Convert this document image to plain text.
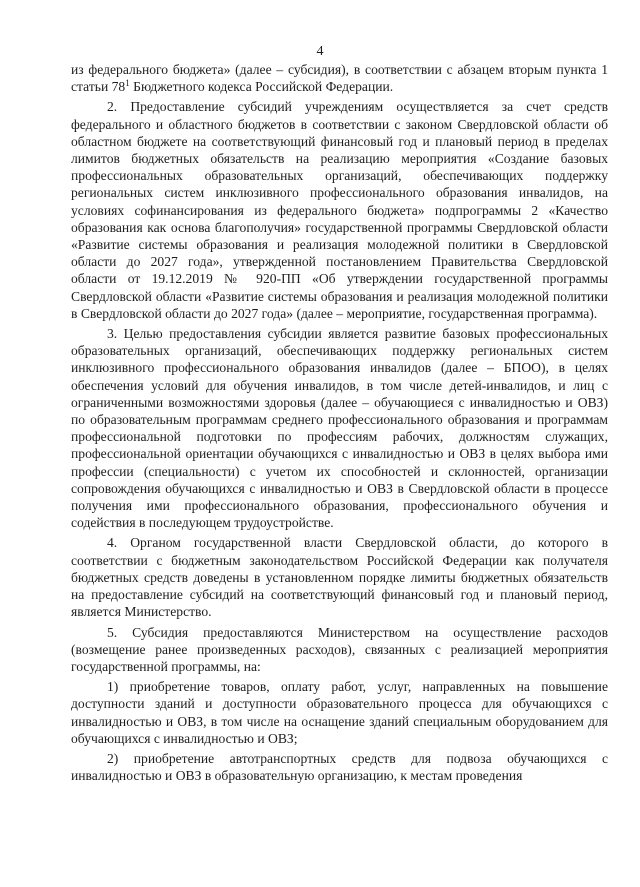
4

из федерального бюджета» (далее – субсидия), в соответствии с абзацем вторым пункта 1 статьи $78^1$ Бюджетного кодекса Российской Федерации.

2. Предоставление субсидий учреждениям осуществляется за счет средств федерального и областного бюджетов в соответствии с законом Свердловской области об областном бюджете на соответствующий финансовый год и плановый период в пределах лимитов бюджетных обязательств на реализацию мероприятия «Создание базовых профессиональных образовательных организаций, обеспечивающих поддержку региональных систем инклюзивного профессионального образования инвалидов, на условиях софинансирования из федерального бюджета» подпрограммы 2 «Качество образования как основа благополучия» государственной программы Свердловской области «Развитие системы образования и реализация молодежной политики в Свердловской области до 2027 года», утвержденной постановлением Правительства Свердловской области от 19.12.2019 № 920-ПП «Об утверждении государственной программы Свердловской области «Развитие системы образования и реализация молодежной политики в Свердловской области до 2027 года» (далее – мероприятие, государственная программа).

3. Целью предоставления субсидии является развитие базовых профессиональных образовательных организаций, обеспечивающих поддержку региональных систем инклюзивного профессионального образования инвалидов (далее – БПОО), в целях обеспечения условий для обучения инвалидов, в том числе детей-инвалидов, и лиц с ограниченными возможностями здоровья (далее – обучающиеся с инвалидностью и ОВЗ) по образовательным программам среднего профессионального образования и программам профессиональной подготовки по профессиям рабочих, должностям служащих, профессиональной ориентации обучающихся с инвалидностью и ОВЗ в целях выбора ими профессии (специальности) с учетом их способностей и склонностей, организации сопровождения обучающихся с инвалидностью и ОВЗ в Свердловской области в процессе получения ими профессионального образования, профессионального обучения и содействия в последующем трудоустройстве.

4. Органом государственной власти Свердловской области, до которого в соответствии с бюджетным законодательством Российской Федерации как получателя бюджетных средств доведены в установленном порядке лимиты бюджетных обязательств на предоставление субсидий на соответствующий финансовый год и плановый период, является Министерство.

5. Субсидия предоставляются Министерством на осуществление расходов (возмещение ранее произведенных расходов), связанных с реализацией мероприятия государственной программы, на:

1) приобретение товаров, оплату работ, услуг, направленных на повышение доступности зданий и доступности образовательного процесса для обучающихся с инвалидностью и ОВЗ, в том числе на оснащение зданий специальным оборудованием для обучающихся с инвалидностью и ОВЗ;

2) приобретение автотранспортных средств для подвоза обучающихся с инвалидностью и ОВЗ в образовательную организацию, к местам проведения
